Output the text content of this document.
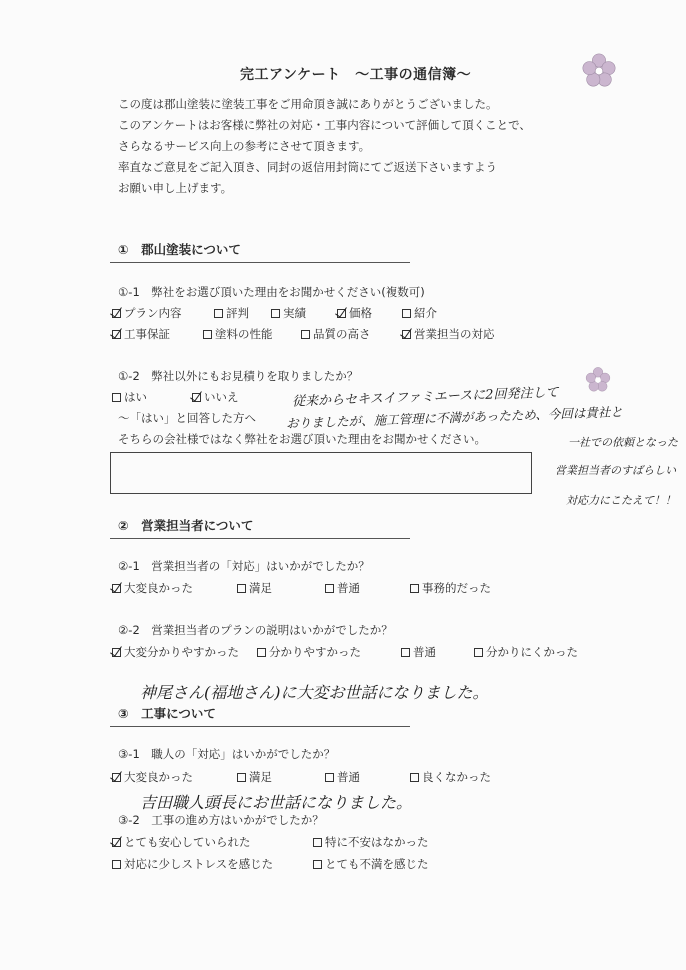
完工アンケート　～工事の通信簿～
この度は郡山塗装に塗装工事をご用命頂き誠にありがとうございました。
このアンケートはお客様に弊社の対応・工事内容について評価して頂くことで、
さらなるサービス向上の参考にさせて頂きます。
率直なご意見をご記入頂き、同封の返信用封筒にてご返送下さいますよう
お願い申し上げます。
①　郡山塗装について
①-1　弊社をお選び頂いた理由をお聞かせください(複数可)
プラン内容	評判	実績	価格	紹介
工事保証	塗料の性能	品質の高さ	営業担当の対応
①-2　弊社以外にもお見積りを取りましたか？
はい	いいえ
～「はい」と回答した方へ
そちらの会社様ではなく弊社をお選び頂いた理由をお聞かせください。
従来からセキスイファミエースに2回発注して
おりましたが、施工管理に不満があったため、今回は貴社と
一社での依頼となった
営業担当者のすばらしい
対応力にこたえて！！
②　営業担当者について
②-1　営業担当者の「対応」はいかがでしたか？
大変良かった	満足	普通	事務的だった
②-2　営業担当者のプランの説明はいかがでしたか？
大変分かりやすかった	分かりやすかった	普通	分かりにくかった
神尾さん(福地さん)に大変お世話になりました。
③　工事について
③-1　職人の「対応」はいかがでしたか？
大変良かった	満足	普通	良くなかった
吉田職人頭長にお世話になりました。
③-2　工事の進め方はいかがでしたか？
とても安心していられた	特に不安はなかった
対応に少しストレスを感じた	とても不満を感じた
